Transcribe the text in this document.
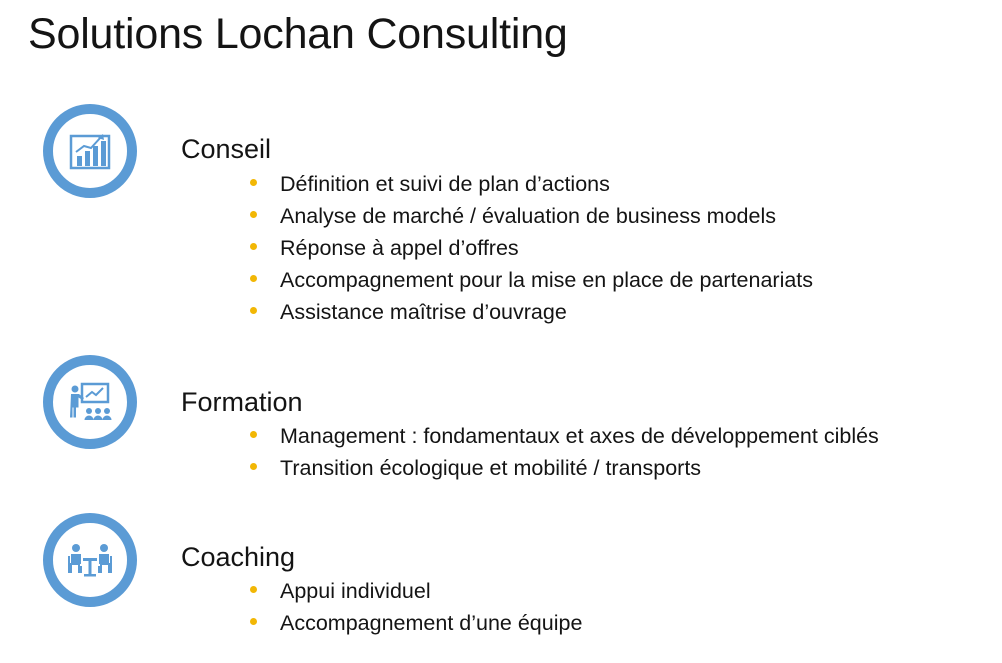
Solutions Lochan Consulting
Conseil
Définition et suivi de plan d’actions
Analyse de marché / évaluation de business models
Réponse à appel d’offres
Accompagnement pour la mise en place de partenariats
Assistance maîtrise d’ouvrage
Formation
Management : fondamentaux et axes de développement ciblés
Transition écologique et mobilité / transports
Coaching
Appui individuel
Accompagnement d’une équipe
